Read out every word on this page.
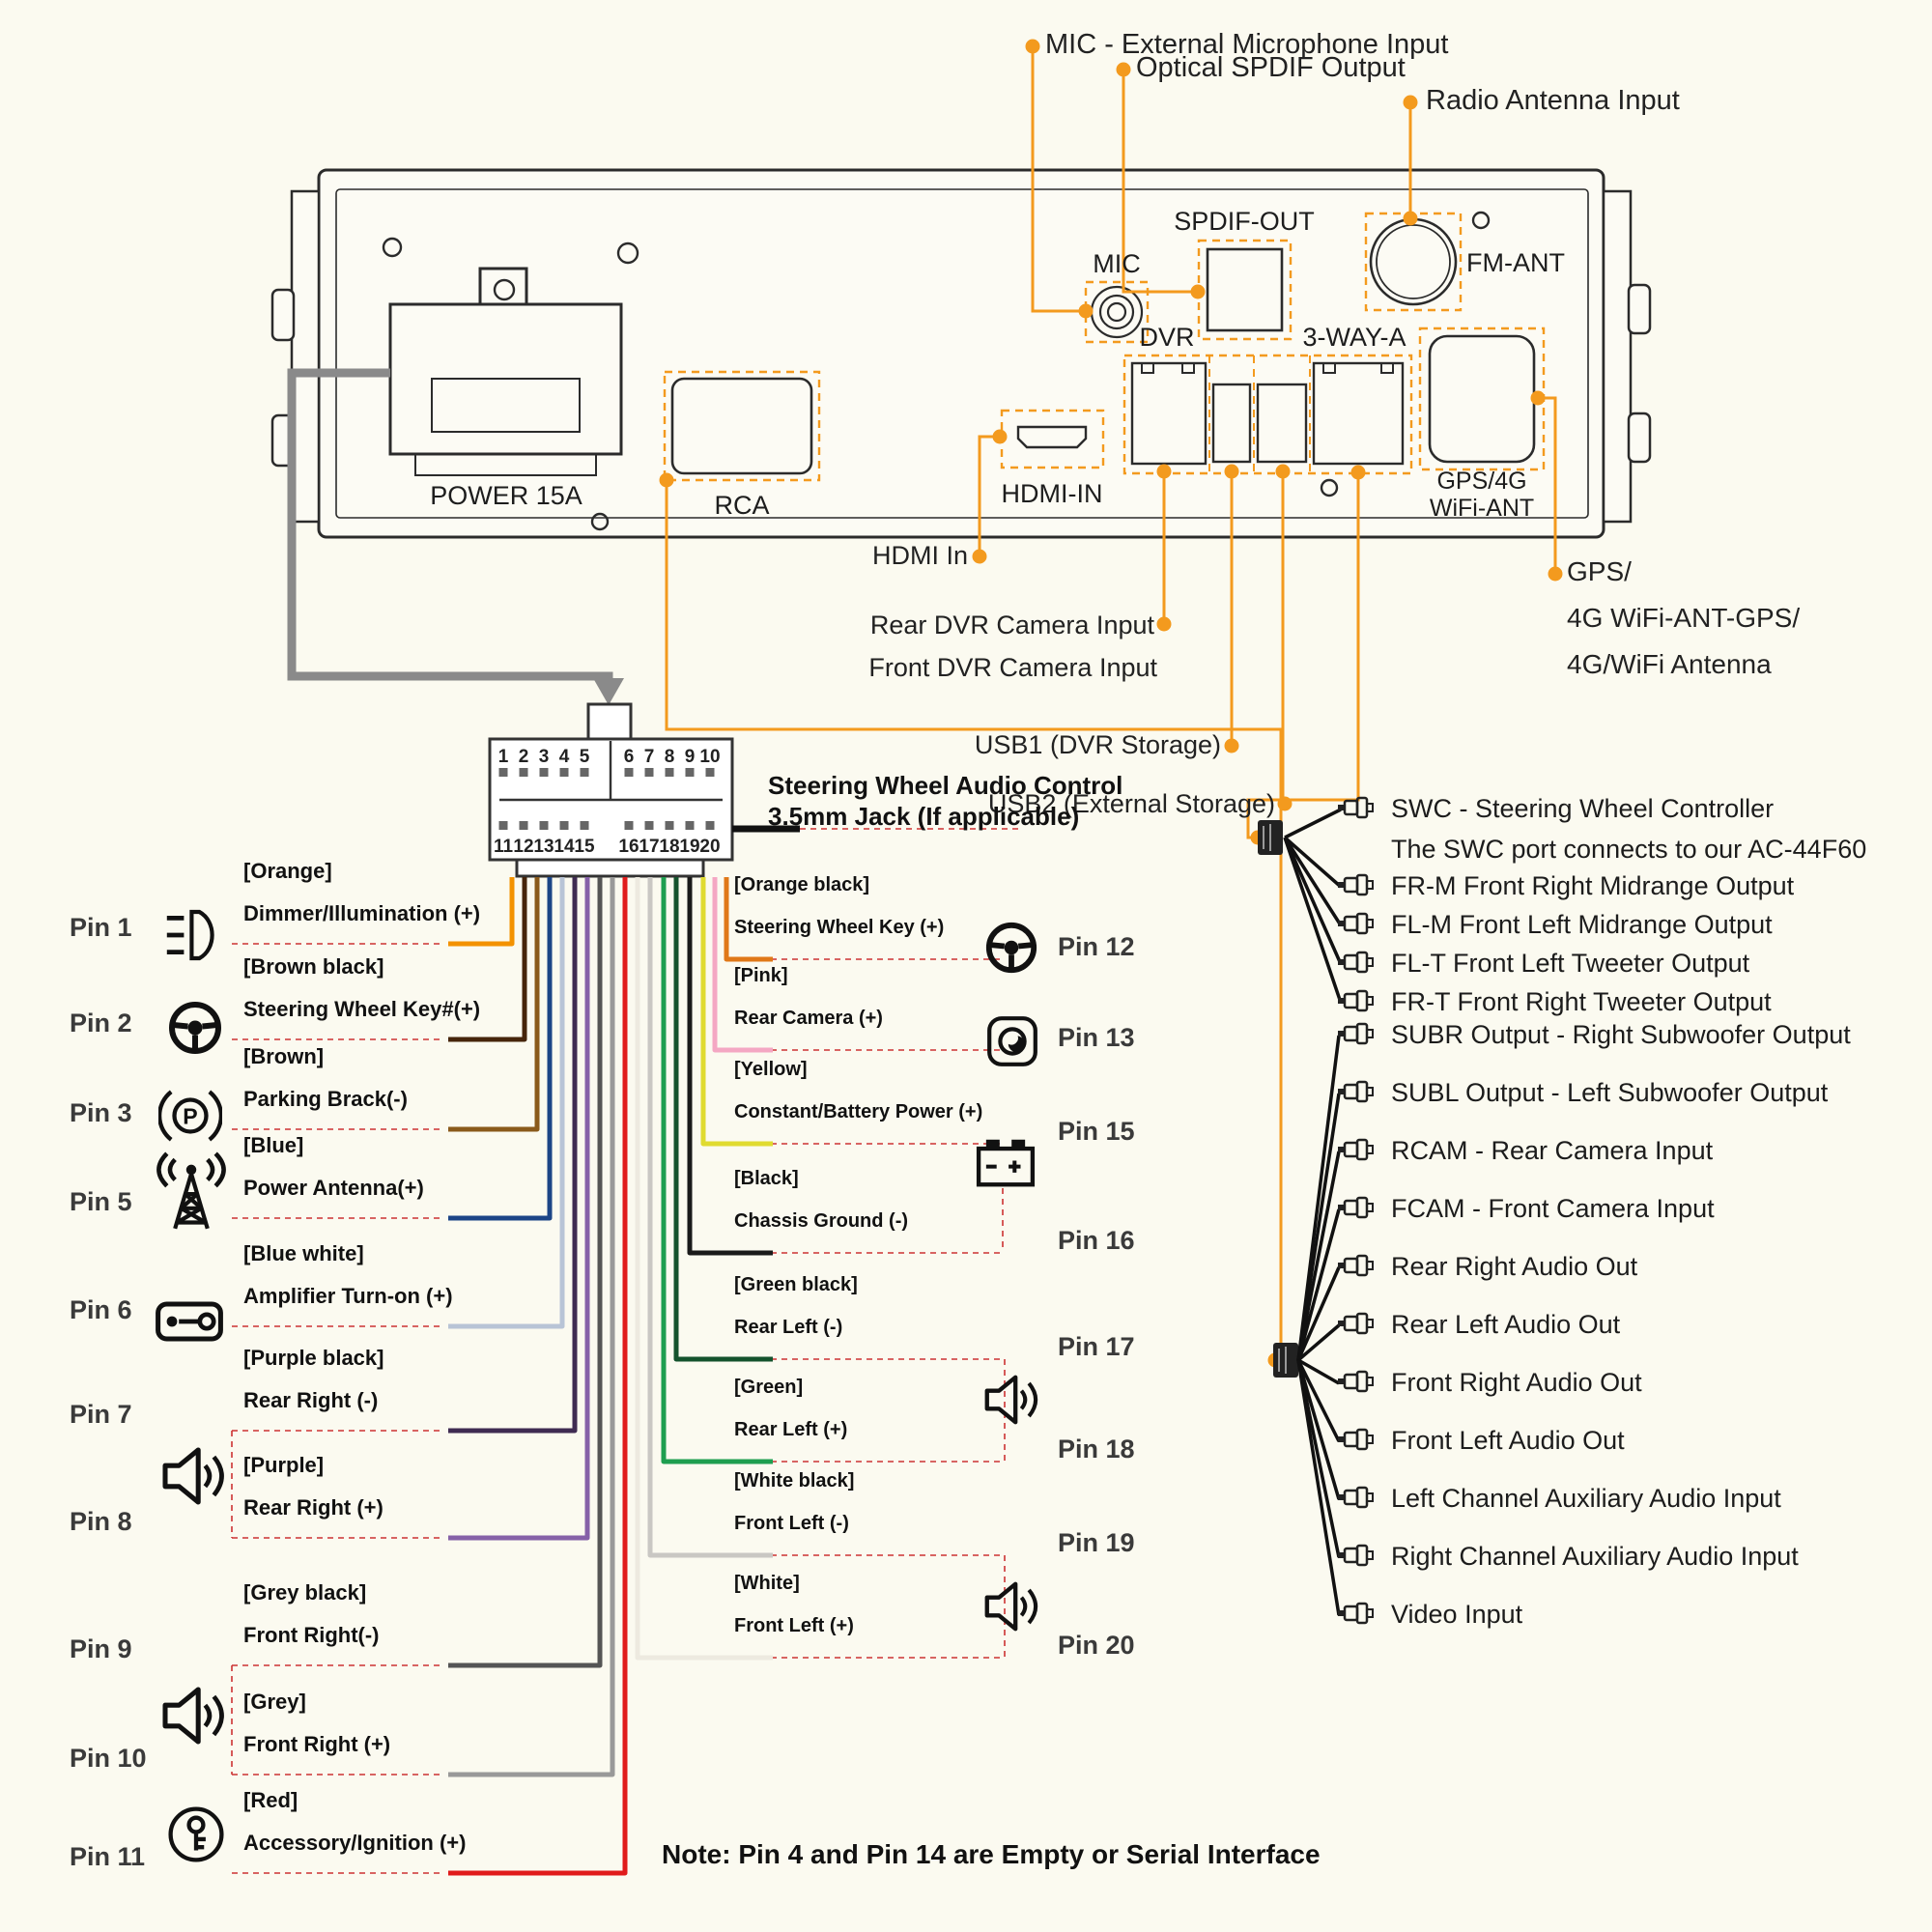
1
11
2
12
3
13
4
14
5
15
6
16
7
17
8
18
9
19
10
20
MIC - External Microphone Input
Optical SPDIF Output
Radio Antenna Input
POWER 15A	RCA	HDMI-IN
MIC
SPDIF-OUT
DVR	3-WAY-A
FM-ANT
GPS/4G
WiFi-ANT
HDMI In
Rear DVR Camera Input
Front DVR Camera Input
USB1 (DVR Storage)
USB2 (External Storage)
GPS/
4G WiFi-ANT-GPS/
4G/WiFi Antenna
Steering Wheel Audio Control
3.5mm Jack (If applicable)
Note: Pin 4 and Pin 14 are Empty or Serial Interface
Pin 1
[Orange]
Dimmer/Illumination (+)
Pin 2
[Brown black]
Steering Wheel Key#(+)
Pin 3
[Brown]
Parking Brack(-)
Pin 5
[Blue]
Power Antenna(+)
Pin 6
[Blue white]
Amplifier Turn-on (+)
Pin 7
[Purple black]
Rear Right (-)
Pin 8
[Purple]
Rear Right (+)
Pin 9
[Grey black]
Front Right(-)
Pin 10
[Grey]
Front Right (+)
Pin 11
[Red]
Accessory/Ignition (+)
Pin 12
[Orange black]
Steering Wheel Key (+)
Pin 13
[Pink]
Rear Camera (+)
Pin 15
[Yellow]
Constant/Battery Power (+)
Pin 16
[Black]
Chassis Ground (-)
Pin 17
[Green black]
Rear Left (-)
Pin 18
[Green]
Rear Left (+)
Pin 19
[White black]
Front Left (-)
Pin 20
[White]
Front Left (+)
SWC - Steering Wheel Controller
The SWC port connects to our AC-44F60
FR-M Front Right Midrange Output
FL-M Front Left Midrange Output
FL-T Front Left Tweeter Output
FR-T Front Right Tweeter Output
SUBR Output - Right Subwoofer Output
SUBL Output - Left Subwoofer Output
RCAM - Rear Camera Input
FCAM - Front Camera Input
Rear Right Audio Out
Rear Left Audio Out
Front Right Audio Out
Front Left Audio Out
Left Channel Auxiliary Audio Input
Right Channel Auxiliary Audio Input
Video Input
P
